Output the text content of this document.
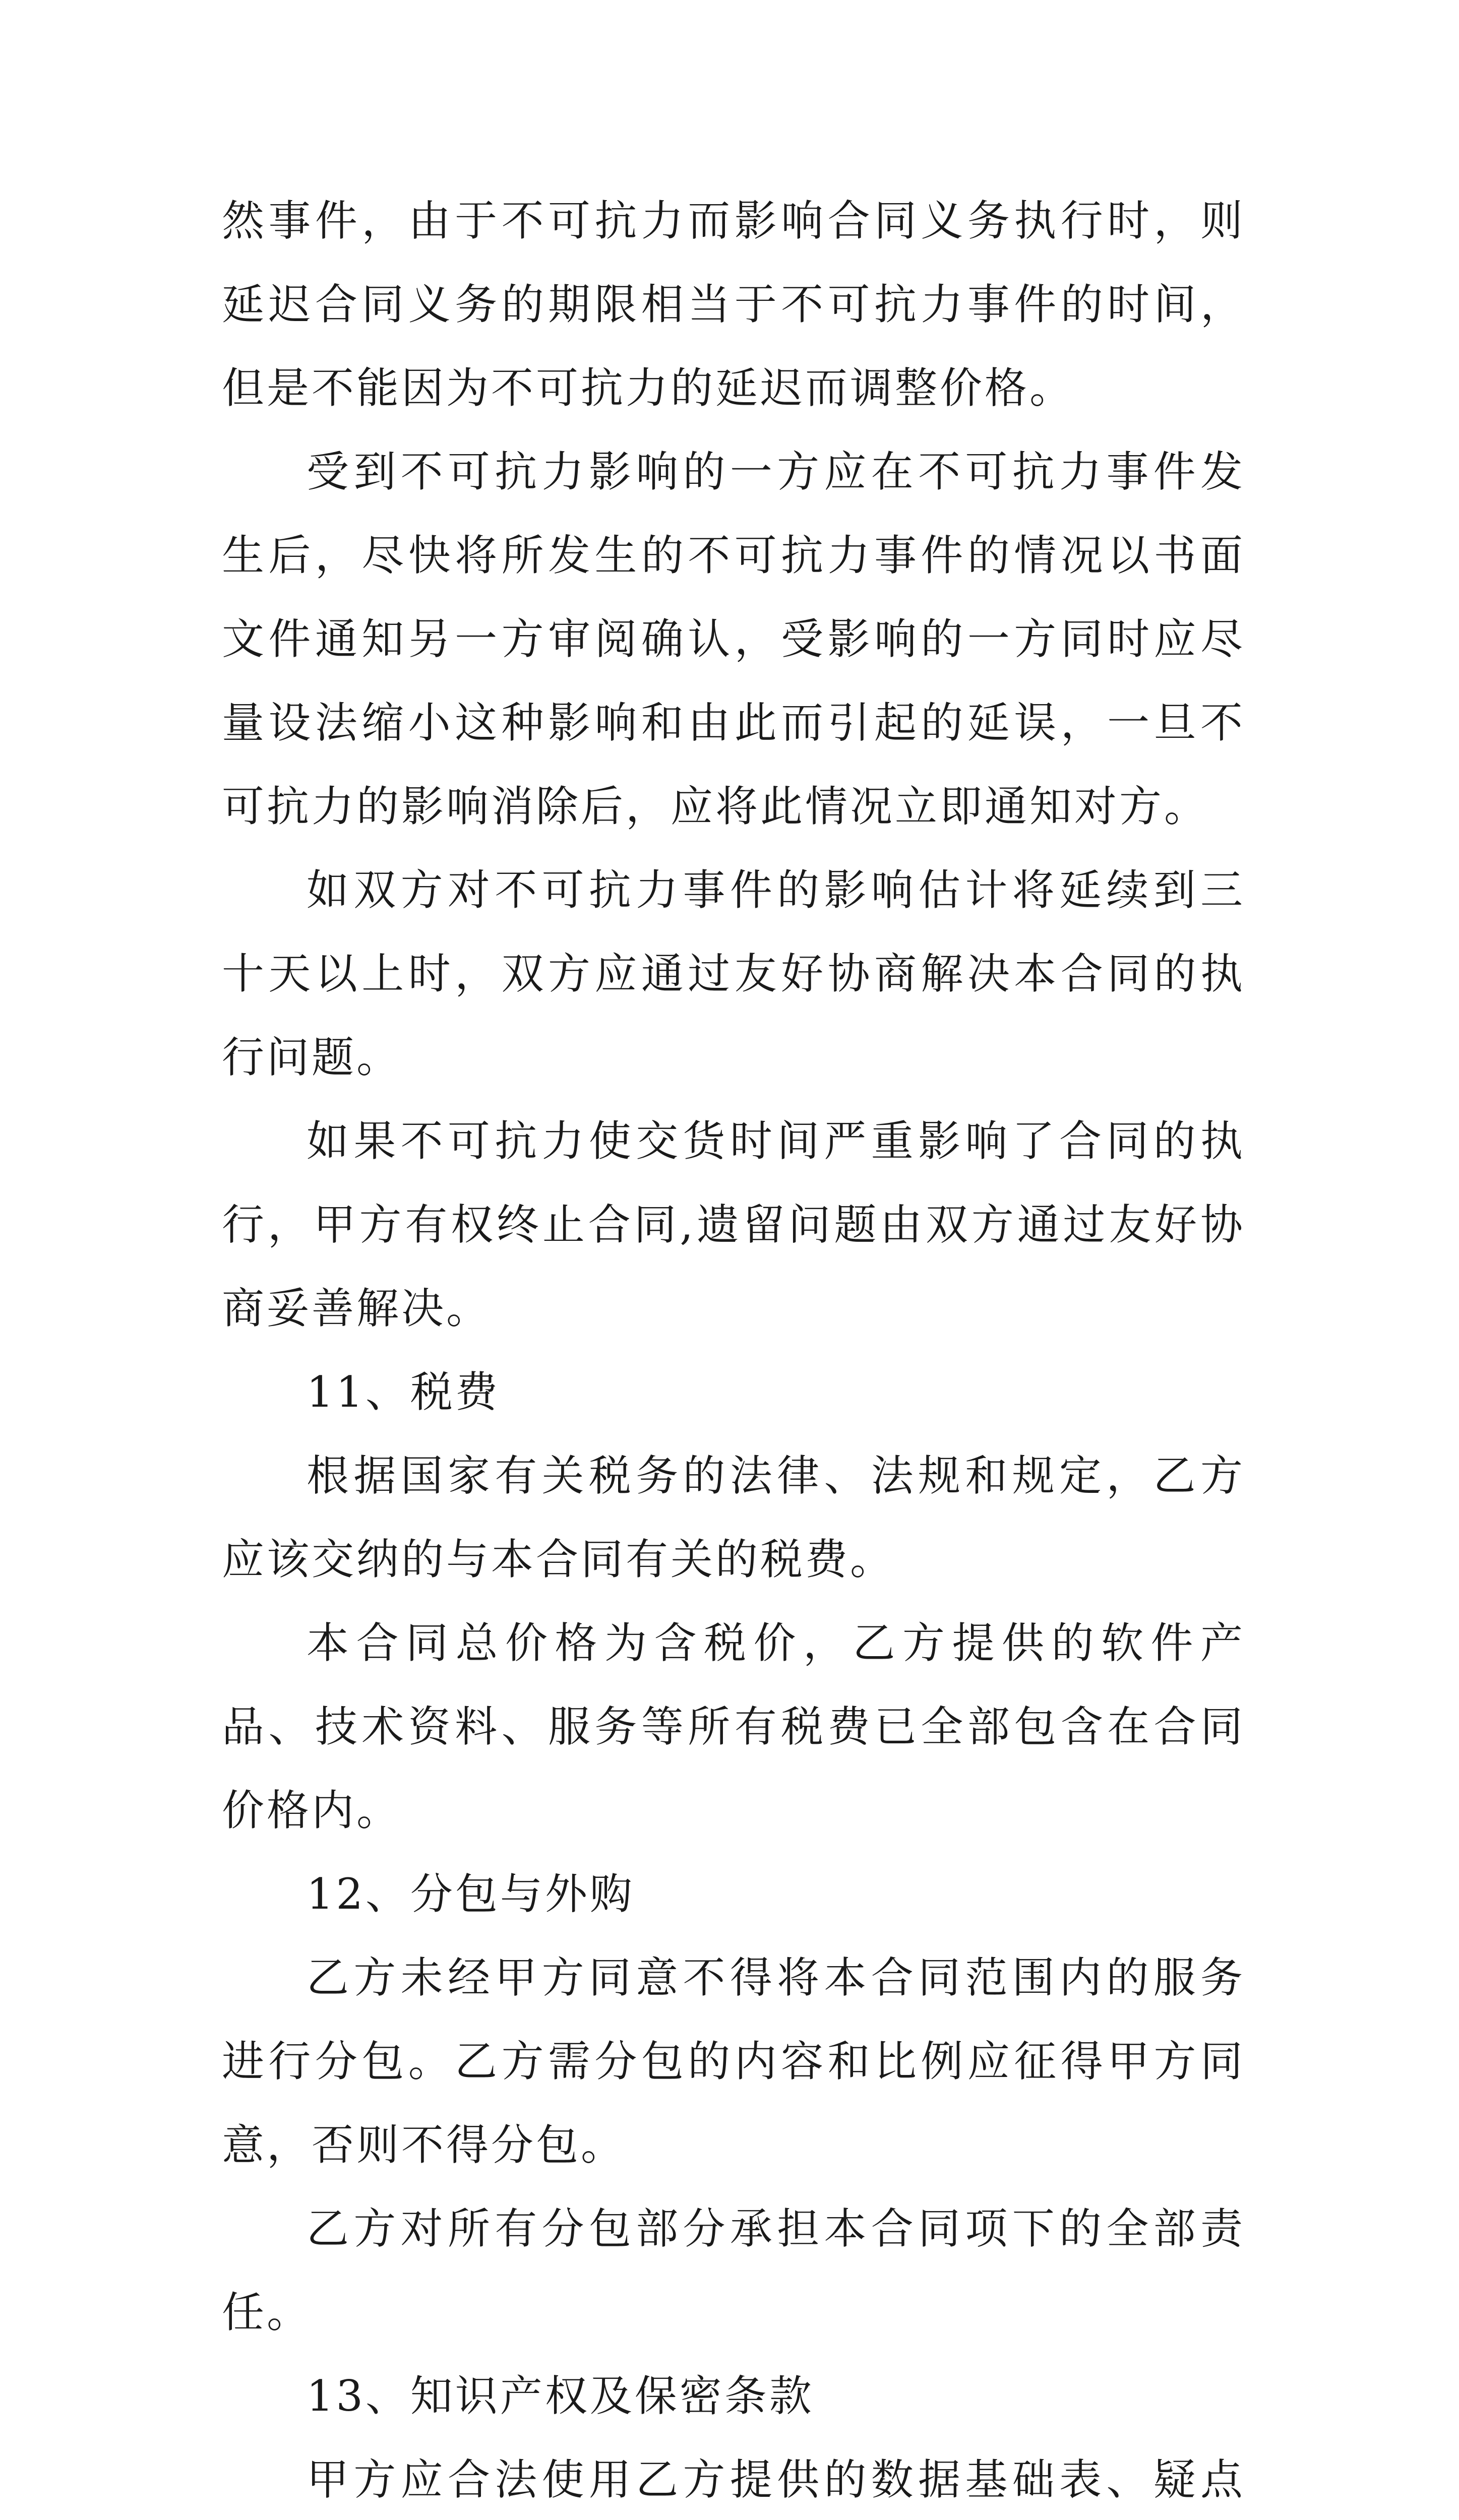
然事件，由于不可抗力而影响合同义务执行时，则延迟合同义务的期限相当于不可抗力事件的时间，但是不能因为不可抗力的延迟而调整价格。

受到不可抗力影响的一方应在不可抗力事件发生后，尽快将所发生的不可抗力事件的情况以书面文件通知另一方审阅确认，受影响的一方同时应尽量设法缩小这种影响和由此而引起的延误，一旦不可抗力的影响消除后，应将此情况立即通知对方。

如双方对不可抗力事件的影响估计将延续到三十天以上时，双方应通过友好协商解决本合同的执行问题。

如果不可抗力使交货时间严重影响了合同的执行，甲方有权终止合同,遗留问题由双方通过友好协商妥善解决。

11、税费

根据国家有关税务的法律、法规和规定，乙方应该交纳的与本合同有关的税费。

本合同总价格为含税价，乙方提供的软件产品、技术资料、服务等所有税费已全部包含在合同价格内。

12、分包与外购

乙方未经甲方同意不得将本合同范围内的服务进行分包。乙方需分包的内容和比例应征得甲方同意，否则不得分包。

乙方对所有分包部分承担本合同项下的全部责任。

13、知识产权及保密条款

甲方应合法使用乙方提供的数据基础表、疑点
